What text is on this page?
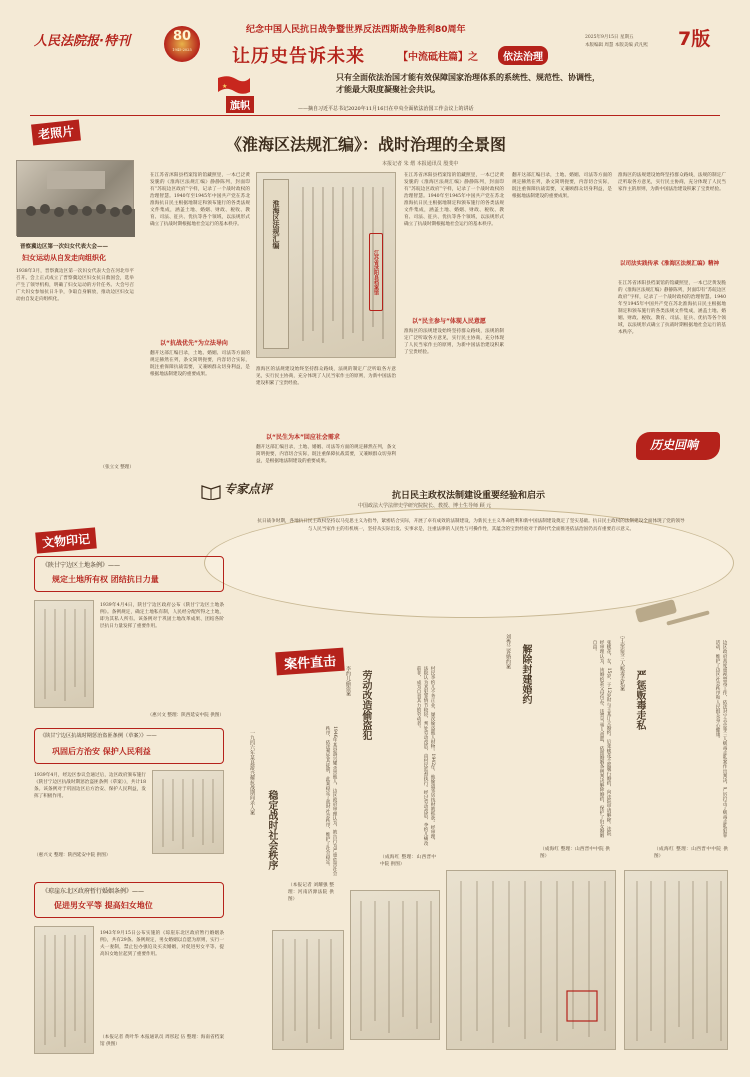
人民法院报·特刊	80
1945-2025
纪念中国人民抗日战争暨世界反法西斯战争胜利80周年
让历史告诉未来	【中流砥柱篇】之	依法治理
2025年9月15日 星期五
本版编辑 周慧 本版美编 武凡熙 7版
★
旗帜
只有全面依法治国才能有效保障国家治理体系的系统性、规范性、协调性，才能最大限度凝聚社会共识。
——摘自习近平总书记2020年11月16日在中央全面依法治国工作会议上的讲话
老照片
晋察冀边区第一次妇女代表大会——
妇女运动从自发走向组织化
1938年3月，晋察冀边区第一次妇女代表大会在河北阜平召开。会上正式成立了晋察冀边区妇女抗日救国会，选举产生了领导机构，明确了妇女运动的方针任务。大会号召广大妇女参加抗日斗争，争取自身解放，推动边区妇女运动由自发走向组织化。
（张立文 整理）
《淮海区法规汇编》：战时治理的全景图
本报记者 朱 熠 本报通讯员 殷斐中
在江苏省沭阳县档案馆的馆藏照里，一本已泛黄发脆的《淮海区法规汇编》静静陈列，封面印有“苏皖边区政府”字样，记录了一个战时政权的治理智慧。1940年至1945年中国共产党在苏北淮海抗日民主根据地制定和颁布施行的各类法规文件集成，涵盖土地、婚姻、财政、税收、教育、司法、征兵、优抗等各个领域，以法规形式确立了抗战时期根据地社会运行的基本秩序。
以“抗战优先”为立法导向
翻开这部汇编目录，土地、婚姻、司法等方面的规定赫然在列，条文简明扼要，内容切合实际，既注重保障抗战需要，又兼顾群众切身利益，是根据地法制建设的重要成果。
淮海区法规汇编
江苏省沭阳县档案馆
淮海区的法规建设始终坚持群众路线，法规的制定广泛听取各方意见，实行民主协商，充分体现了人民当家作主的原则，为新中国法治建设积累了宝贵经验。
以“民生为本”回应社会需求
翻开这部汇编目录，土地、婚姻、司法等方面的规定赫然在列，条文简明扼要，内容切合实际，既注重保障抗战需要，又兼顾群众切身利益，是根据地法制建设的重要成果。
在江苏省沭阳县档案馆的馆藏照里，一本已泛黄发脆的《淮海区法规汇编》静静陈列，封面印有“苏皖边区政府”字样，记录了一个战时政权的治理智慧。1940年至1945年中国共产党在苏北淮海抗日民主根据地制定和颁布施行的各类法规文件集成，涵盖土地、婚姻、财政、税收、教育、司法、征兵、优抗等各个领域，以法规形式确立了抗战时期根据地社会运行的基本秩序。
以“民主参与”体现人民意愿
淮海区的法规建设始终坚持群众路线，法规的制定广泛听取各方意见，实行民主协商，充分体现了人民当家作主的原则，为新中国法治建设积累了宝贵经验。
翻开这部汇编目录，土地、婚姻、司法等方面的规定赫然在列，条文简明扼要，内容切合实际，既注重保障抗战需要，又兼顾群众切身利益，是根据地法制建设的重要成果。
淮海区的法规建设始终坚持群众路线，法规的制定广泛听取各方意见，实行民主协商，充分体现了人民当家作主的原则，为新中国法治建设积累了宝贵经验。
以司法实践传承《淮海区法规汇编》精神
在江苏省沭阳县档案馆的馆藏照里，一本已泛黄发脆的《淮海区法规汇编》静静陈列，封面印有“苏皖边区政府”字样，记录了一个战时政权的治理智慧。1940年至1945年中国共产党在苏北淮海抗日民主根据地制定和颁布施行的各类法规文件集成，涵盖土地、婚姻、财政、税收、教育、司法、征兵、优抗等各个领域，以法规形式确立了抗战时期根据地社会运行的基本秩序。
历史回响
专家点评	抗日民主政权法制建设重要经验和启示
中国政法大学法律史学研究院院长、教授、博士生导师 顾 元
抗日战争时期，各地抗日民主政权坚持以马克思主义为指导，紧密结合实际，开展了卓有成效的法制建设，为新民主主义革命胜利和新中国法制建设奠定了坚实基础。抗日民主政权的法制建设全面体现了党的领导与人民当家作主的有机统一，坚持从实际出发、实事求是，注重法律的人民性与可操作性，其蕴含的宝贵经验对于新时代全面推进依法治国仍具有重要启示意义。
文物印记
《陕甘宁边区土地条例》——
规定土地所有权 团结抗日力量
1939年4月4日，陕甘宁边区政府公布《陕甘宁边区土地条例》。条例规定，确定土地私有制，人民经分配所得之土地，即为其私人所有。该条例对于巩固土地改革成果、团结各阶层抗日力量发挥了重要作用。
（惠兴文 整理：陕西延安中院 供图）
《陕甘宁边区抗战时期惩治盗匪条例（草案）》——
巩固后方治安 保护人民利益
1939年4月，经边区参议会通过后，边区政府颁布施行《陕甘宁边区抗战时期惩治盗匪条例（草案）》，共计18条。该条例对于巩固边区后方治安、保护人民利益，发挥了积极作用。
（惠兴文 整理：陕西延安中院 供图）
《琼崖东北区政府暂行婚姻条例》——
促进男女平等 提高妇女地位
1943年9月15日公布实施的《琼崖东北区政府暂行婚姻条例》，共有29条。条例规定，男女婚姻以自愿为原则，实行一夫一妻制，禁止包办强迫及买卖婚姻，对促进男女平等、提高妇女地位起到了重要作用。
（本报记者 黄叶华 本报通讯员 周彤起 伍 整理：海南省档案馆 供图）
案件直击
稳定战时社会秩序
一九四六年某县游兴耀抗战期间杀人案	1946年某县游兴耀杀害他人，边区政府审理认为，被告行为严重危害社会秩序，依法判处其徒刑，此案稳定了战时社会秩序，维护了社会稳定。
（本报记者 刘耀强 整理：河南济源法院 供图）
劳动改造偷盗犯
李约儿偷盗案	村民李约儿不务正业，屡次偷盗他人财物。1942年，他偷盗邻居钱财被抓获。经审理，法院认为其犯罪情节较轻，判处劳动改造，由村民监督执行。经过劳动改造，李约儿痛改前非，成为自食其力的劳动者。
（成海红 整理：山西晋中中院 供图）
解除封建婚约
刘秀兰诉婚约案	张桃花，女，15岁，于12岁时与王某订立婚约。后张桃花不愿履行婚约，向法院申请解除。法院经审理认为，该婚约系父母包办，违背当事人意愿，依照婚姻条例判决解除婚约，保护了妇女婚姻自由。
（成海红 整理：山西晋中中院 供图）
严惩贩毒走私
宁志忠等三人贩毒走私案	边区政府高度重视禁毒工作，依法对宁志忠等三人贩毒走私案作出判决，严厉打击了贩毒走私犯罪活动，维护了边区社会秩序和人民群众身心健康。
（成海红 整理：山西晋中中院 供图）
